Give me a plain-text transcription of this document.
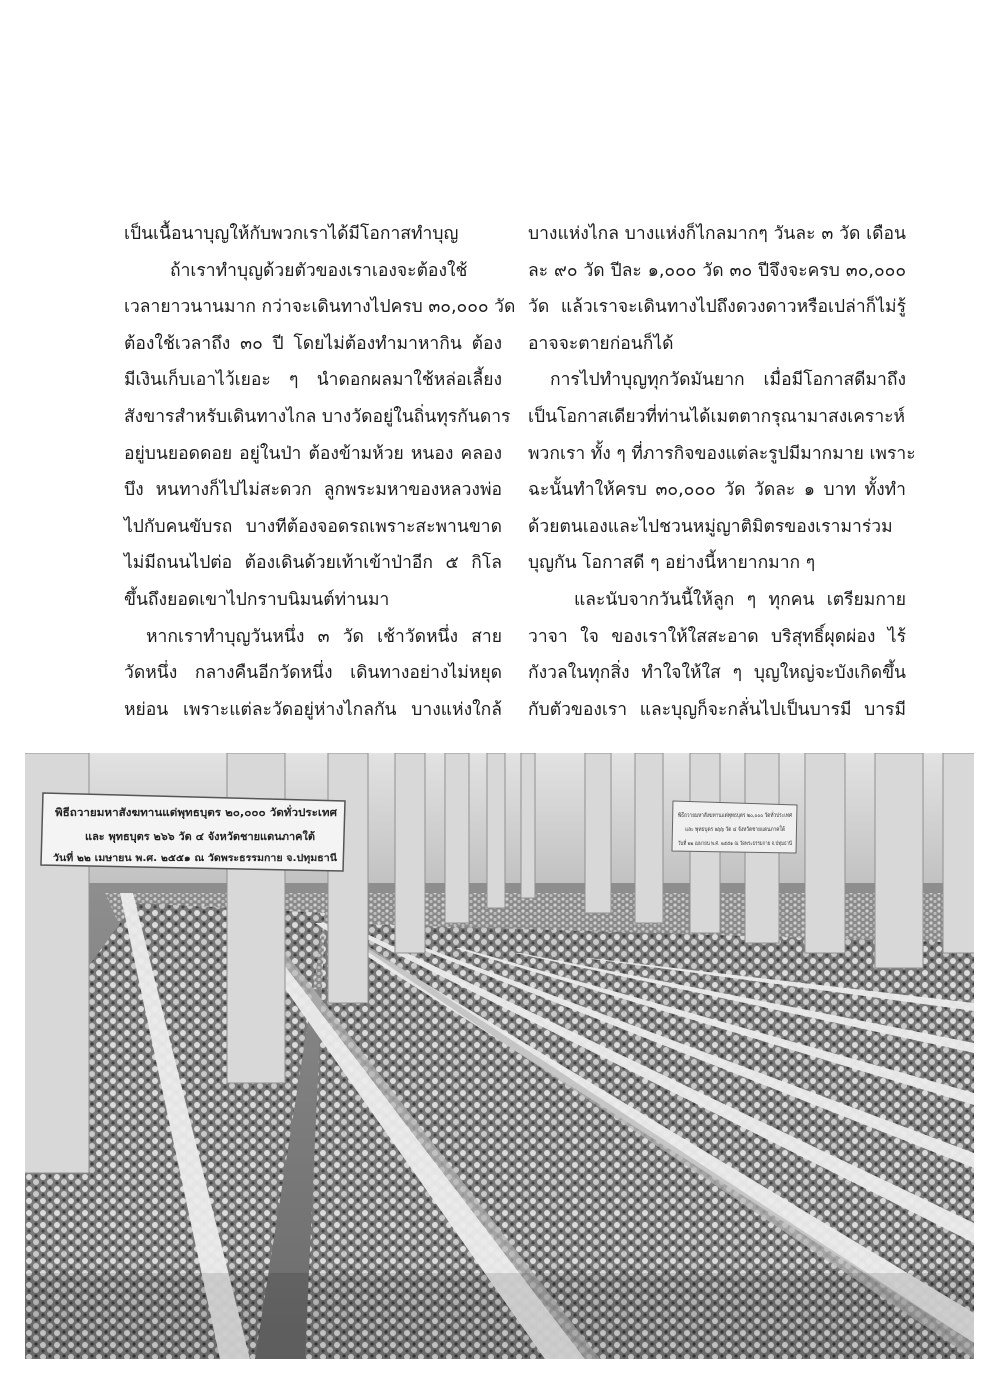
เป็นเนื้อนาบุญให้กับพวกเราได้มีโอกาสทำบุญ
ถ้าเราทำบุญด้วยตัวของเราเองจะต้องใช้
เวลายาวนานมาก กว่าจะเดินทางไปครบ ๓๐,๐๐๐ วัด
ต้องใช้เวลาถึง ๓๐ ปี โดยไม่ต้องทำมาหากิน ต้อง
มีเงินเก็บเอาไว้เยอะ ๆ นำดอกผลมาใช้หล่อเลี้ยง
สังขารสำหรับเดินทางไกล บางวัดอยู่ในถิ่นทุรกันดาร
อยู่บนยอดดอย อยู่ในป่า ต้องข้ามห้วย หนอง คลอง
บึง หนทางก็ไปไม่สะดวก ลูกพระมหาของหลวงพ่อ
ไปกับคนขับรถ บางทีต้องจอดรถเพราะสะพานขาด
ไม่มีถนนไปต่อ ต้องเดินด้วยเท้าเข้าป่าอีก ๕ กิโล
ขึ้นถึงยอดเขาไปกราบนิมนต์ท่านมา
หากเราทำบุญวันหนึ่ง ๓ วัด เช้าวัดหนึ่ง สาย
วัดหนึ่ง กลางคืนอีกวัดหนึ่ง เดินทางอย่างไม่หยุด
หย่อน เพราะแต่ละวัดอยู่ห่างไกลกัน บางแห่งใกล้
บางแห่งไกล บางแห่งก็ไกลมากๆ วันละ ๓ วัด เดือน
ละ ๙๐ วัด ปีละ ๑,๐๐๐ วัด ๓๐ ปีจึงจะครบ ๓๐,๐๐๐
วัด แล้วเราจะเดินทางไปถึงดวงดาวหรือเปล่าก็ไม่รู้
อาจจะตายก่อนก็ได้
การไปทำบุญทุกวัดมันยาก เมื่อมีโอกาสดีมาถึง
เป็นโอกาสเดียวที่ท่านได้เมตตากรุณามาสงเคราะห์
พวกเรา ทั้ง ๆ ที่ภารกิจของแต่ละรูปมีมากมาย เพราะ
ฉะนั้นทำให้ครบ ๓๐,๐๐๐ วัด วัดละ ๑ บาท ทั้งทำ
ด้วยตนเองและไปชวนหมู่ญาติมิตรของเรามาร่วม
บุญกัน โอกาสดี ๆ อย่างนี้หายากมาก ๆ
และนับจากวันนี้ให้ลูก ๆ ทุกคน เตรียมกาย
วาจา ใจ ของเราให้ใสสะอาด บริสุทธิ์ผุดผ่อง ไร้
กังวลในทุกสิ่ง ทำใจให้ใส ๆ บุญใหญ่จะบังเกิดขึ้น
กับตัวของเรา และบุญก็จะกลั่นไปเป็นบารมี บารมี
พิธีถวายมหาสังฆทานแด่พุทธบุตร ๒๐,๐๐๐ วัดทั่วประเทศ
และ พุทธบุตร ๒๖๖ วัด ๔ จังหวัดชายแดนภาคใต้
วันที่ ๒๒ เมษายน พ.ศ. ๒๕๕๑ ณ วัดพระธรรมกาย จ.ปทุมธานี
พิธีถวายมหาสังฆทานแด่พุทธบุตร ๒๐,๐๐๐ วัดทั่วประเทศ
และ พุทธบุตร ๒๖๖ วัด ๔ จังหวัดชายแดนภาคใต้
วันที่ ๒๒ เมษายน พ.ศ. ๒๕๕๑ ณ วัดพระธรรมกาย จ.ปทุมธานี
